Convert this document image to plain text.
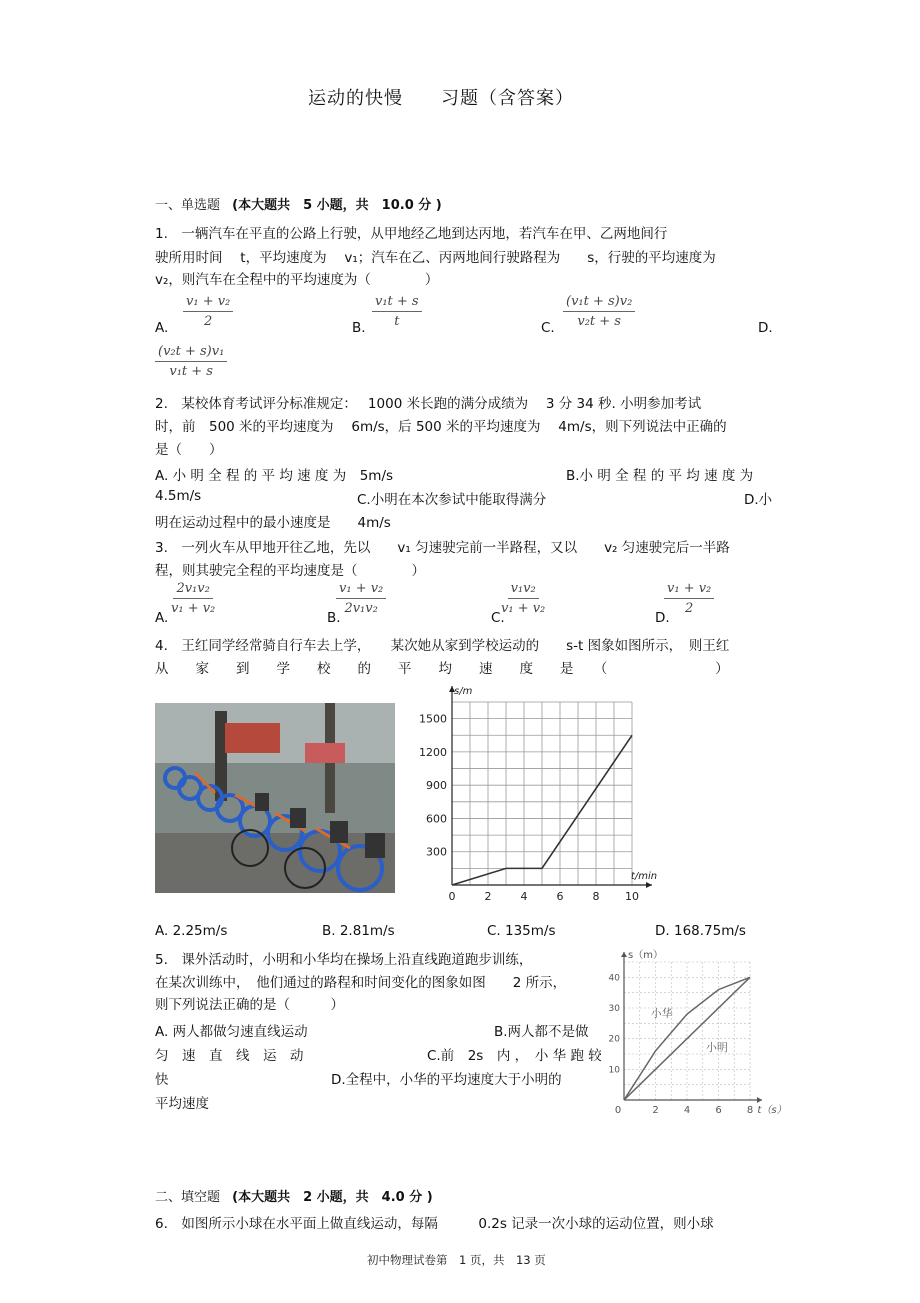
运动的快慢　　习题（含答案）
一、单选题 (本大题共　5 小题，共　10.0 分 )
1.　一辆汽车在平直的公路上行驶，从甲地经乙地到达丙地，若汽车在甲、乙两地间行
驶所用时间　 t，平均速度为　 v₁；汽车在乙、丙两地间行驶路程为　　s，行驶的平均速度为
v₂，则汽车在全程中的平均速度为（　　　　）
A. $\frac{\text{v₁ + v₂}}{2}$	B. $\frac{\text{v₁t + s}}{t}$	C. $\frac{\text{(v₁t + s)v₂}}{\text{v₂t + s}}$	D.
$\frac{\text{(v₂t + s)v₁}}{\text{v₁t + s}}$
2.　某校体育考试评分标准规定：　 1000 米长跑的满分成绩为　 3 分 34 秒. 小明参加考试
时，前　500 米的平均速度为　 6m/s，后 500 米的平均速度为　 4m/s，则下列说法中正确的
是（　　）
A. 小 明 全 程 的 平 均 速 度 为　5m/s	B.小 明 全 程 的 平 均 速 度 为
4.5m/s	C.小明在本次参试中能取得满分	D.小
明在运动过程中的最小速度是　　4m/s
3.　一列火车从甲地开往乙地，先以　　v₁ 匀速驶完前一半路程，又以　　v₂ 匀速驶完后一半路
程，则其驶完全程的平均速度是（　　　　）
A.
$\frac{\text{2v₁v₂}}{\text{v₁ + v₂}}$
B.
$\frac{\text{v₁ + v₂}}{\text{2v₁v₂}}$
C.
$\frac{\text{v₁v₂}}{\text{v₁ + v₂}}$
D.
$\frac{\text{v₁ + v₂}}{2}$
4.　王红同学经常骑自行车去上学，　　某次她从家到学校运动的　　s-t 图象如图所示，　则王红
从　　家　　到　　学　　校　　的　　平　　均　　速　　度　　是　　（　　　　　　　　）
300
600
900
1200
1500
0	2	4	6	8 10
s/m
t/min
A. 2.25m/s	B. 2.81m/s	C. 135m/s	D. 168.75m/s
5.　课外活动时，小明和小华均在操场上沿直线跑道跑步训练，
在某次训练中，　他们通过的路程和时间变化的图象如图　　2 所示，
则下列说法正确的是（　　　）
A. 两人都做匀速直线运动	B.两人都不是做
匀　速　直　线　运　动	C.前　2s　内 ，　小 华 跑 较
快	D.全程中，小华的平均速度大于小明的
平均速度
10
20
30
40
2	4	6	8
0
s（m）
t（s）
小华
小明
二、填空题 (本大题共　2 小题，共　4.0 分 )
6.　如图所示小球在水平面上做直线运动，每隔　　　0.2s 记录一次小球的运动位置，则小球
初中物理试卷第　1 页，共　13 页
